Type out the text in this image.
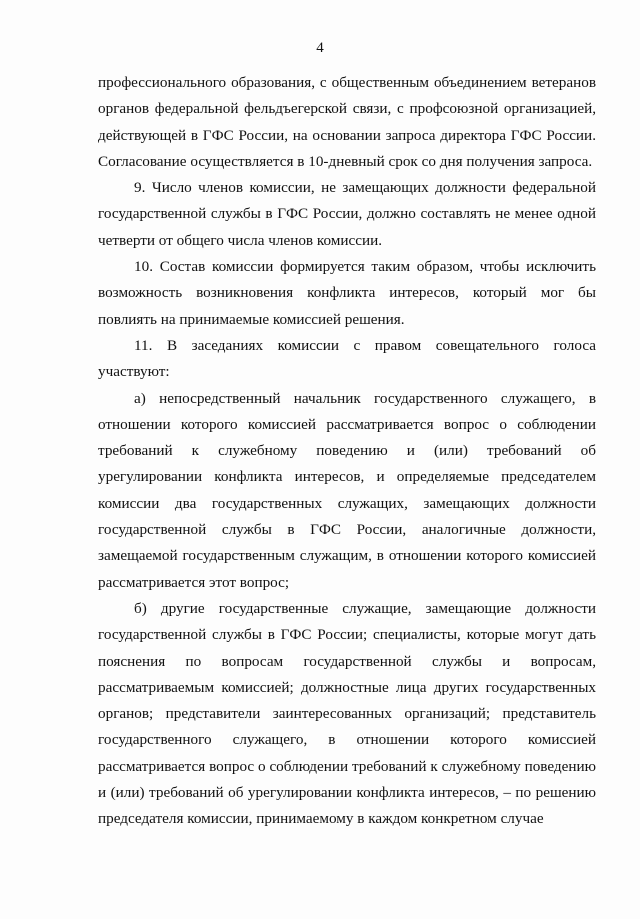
4

профессионального образования, с общественным объединением ветеранов органов федеральной фельдъегерской связи, с профсоюзной организацией, действующей в ГФС России, на основании запроса директора ГФС России. Согласование осуществляется в 10-дневный срок со дня получения запроса.

9. Число членов комиссии, не замещающих должности федеральной государственной службы в ГФС России, должно составлять не менее одной четверти от общего числа членов комиссии.

10. Состав комиссии формируется таким образом, чтобы исключить возможность возникновения конфликта интересов, который мог бы повлиять на принимаемые комиссией решения.

11. В заседаниях комиссии с правом совещательного голоса участвуют:

а) непосредственный начальник государственного служащего, в отношении которого комиссией рассматривается вопрос о соблюдении требований к служебному поведению и (или) требований об урегулировании конфликта интересов, и определяемые председателем комиссии два государственных служащих, замещающих должности государственной службы в ГФС России, аналогичные должности, замещаемой государственным служащим, в отношении которого комиссией рассматривается этот вопрос;

б) другие государственные служащие, замещающие должности государственной службы в ГФС России; специалисты, которые могут дать пояснения по вопросам государственной службы и вопросам, рассматриваемым комиссией; должностные лица других государственных органов; представители заинтересованных организаций; представитель государственного служащего, в отношении которого комиссией рассматривается вопрос о соблюдении требований к служебному поведению и (или) требований об урегулировании конфликта интересов, – по решению председателя комиссии, принимаемому в каждом конкретном случае
